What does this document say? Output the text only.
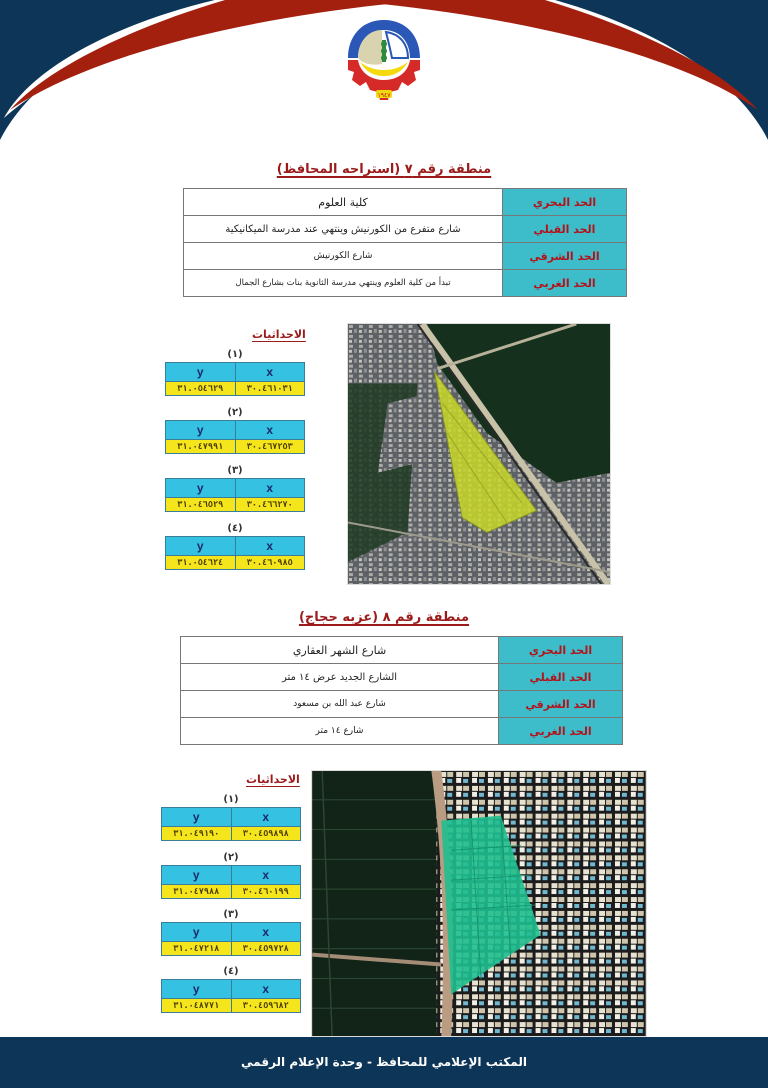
١٩٤٧
منطقة رقم ٧ (استراحه المحافظ)
الحد البحري	كلية العلوم
الحد القبلي	شارع متفرع من الكورنيش وينتهي عند مدرسة الميكانيكية
الحد الشرقي	شارع الكورنيش
الحد الغربي	تبدأ من كلية العلوم وينتهي مدرسة الثانوية بنات بشارع الجمال
الاحداثيات
(١)
y	x
٣١.٠٥٤٦٢٩	٣٠.٤٦١٠٣١
(٢)
y	x
٣١.٠٤٧٩٩١	٣٠.٤٦٧٢٥٣
(٣)
y	x
٣١.٠٤٦٥٢٩	٣٠.٤٦٦٢٧٠
(٤)
y	x
٣١.٠٥٤٦٢٤	٣٠.٤٦٠٩٨٥
منطقة رقم ٨ (عزبه حجاج)
الحد البحري	شارع الشهر العقاري
الحد القبلي	الشارع الجديد عرض ١٤ متر
الحد الشرقي	شارع عبد الله بن مسعود
الحد الغربي	شارع ١٤ متر
الاحداثيات
(١)
y	x
٣١.٠٤٩١٩٠	٣٠.٤٥٩٨٩٨
(٢)
y	x
٣١.٠٤٧٩٨٨	٣٠.٤٦٠١٩٩
(٣)
y	x
٣١.٠٤٧٢١٨	٣٠.٤٥٩٧٢٨
(٤)
y	x
٣١.٠٤٨٧٧١	٣٠.٤٥٩٦٨٢
المكتب الإعلامي للمحافظ - وحدة الإعلام الرقمي
